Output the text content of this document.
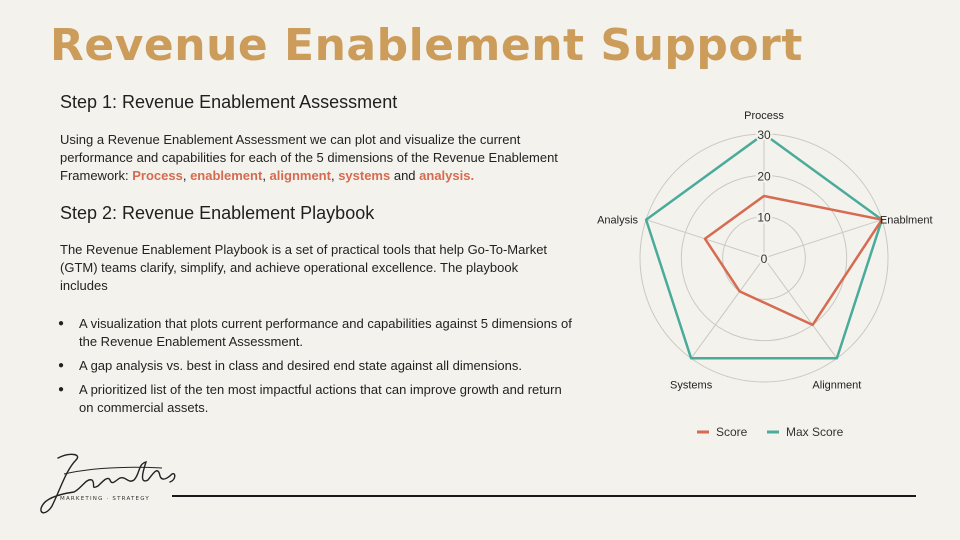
Revenue Enablement Support
Step 1: Revenue Enablement Assessment
Using a Revenue Enablement Assessment we can plot and visualize the current performance and capabilities for each of the 5 dimensions of the Revenue Enablement Framework: Process, enablement, alignment, systems and analysis.
Step 2: Revenue Enablement Playbook
The Revenue Enablement Playbook is a set of practical tools that help Go-To-Market (GTM) teams clarify, simplify, and achieve operational excellence. The playbook includes
● A visualization that plots current performance and capabilities against 5 dimensions of the Revenue Enablement Assessment.
● A gap analysis vs. best in class and desired end state against all dimensions.
● A prioritized list of the ten most impactful actions that can improve growth and return on commercial assets.
0
10
20
30
Process
Enablment
Alignment
Systems
Analysis
Score	Max Score
MARKETING · STRATEGY
